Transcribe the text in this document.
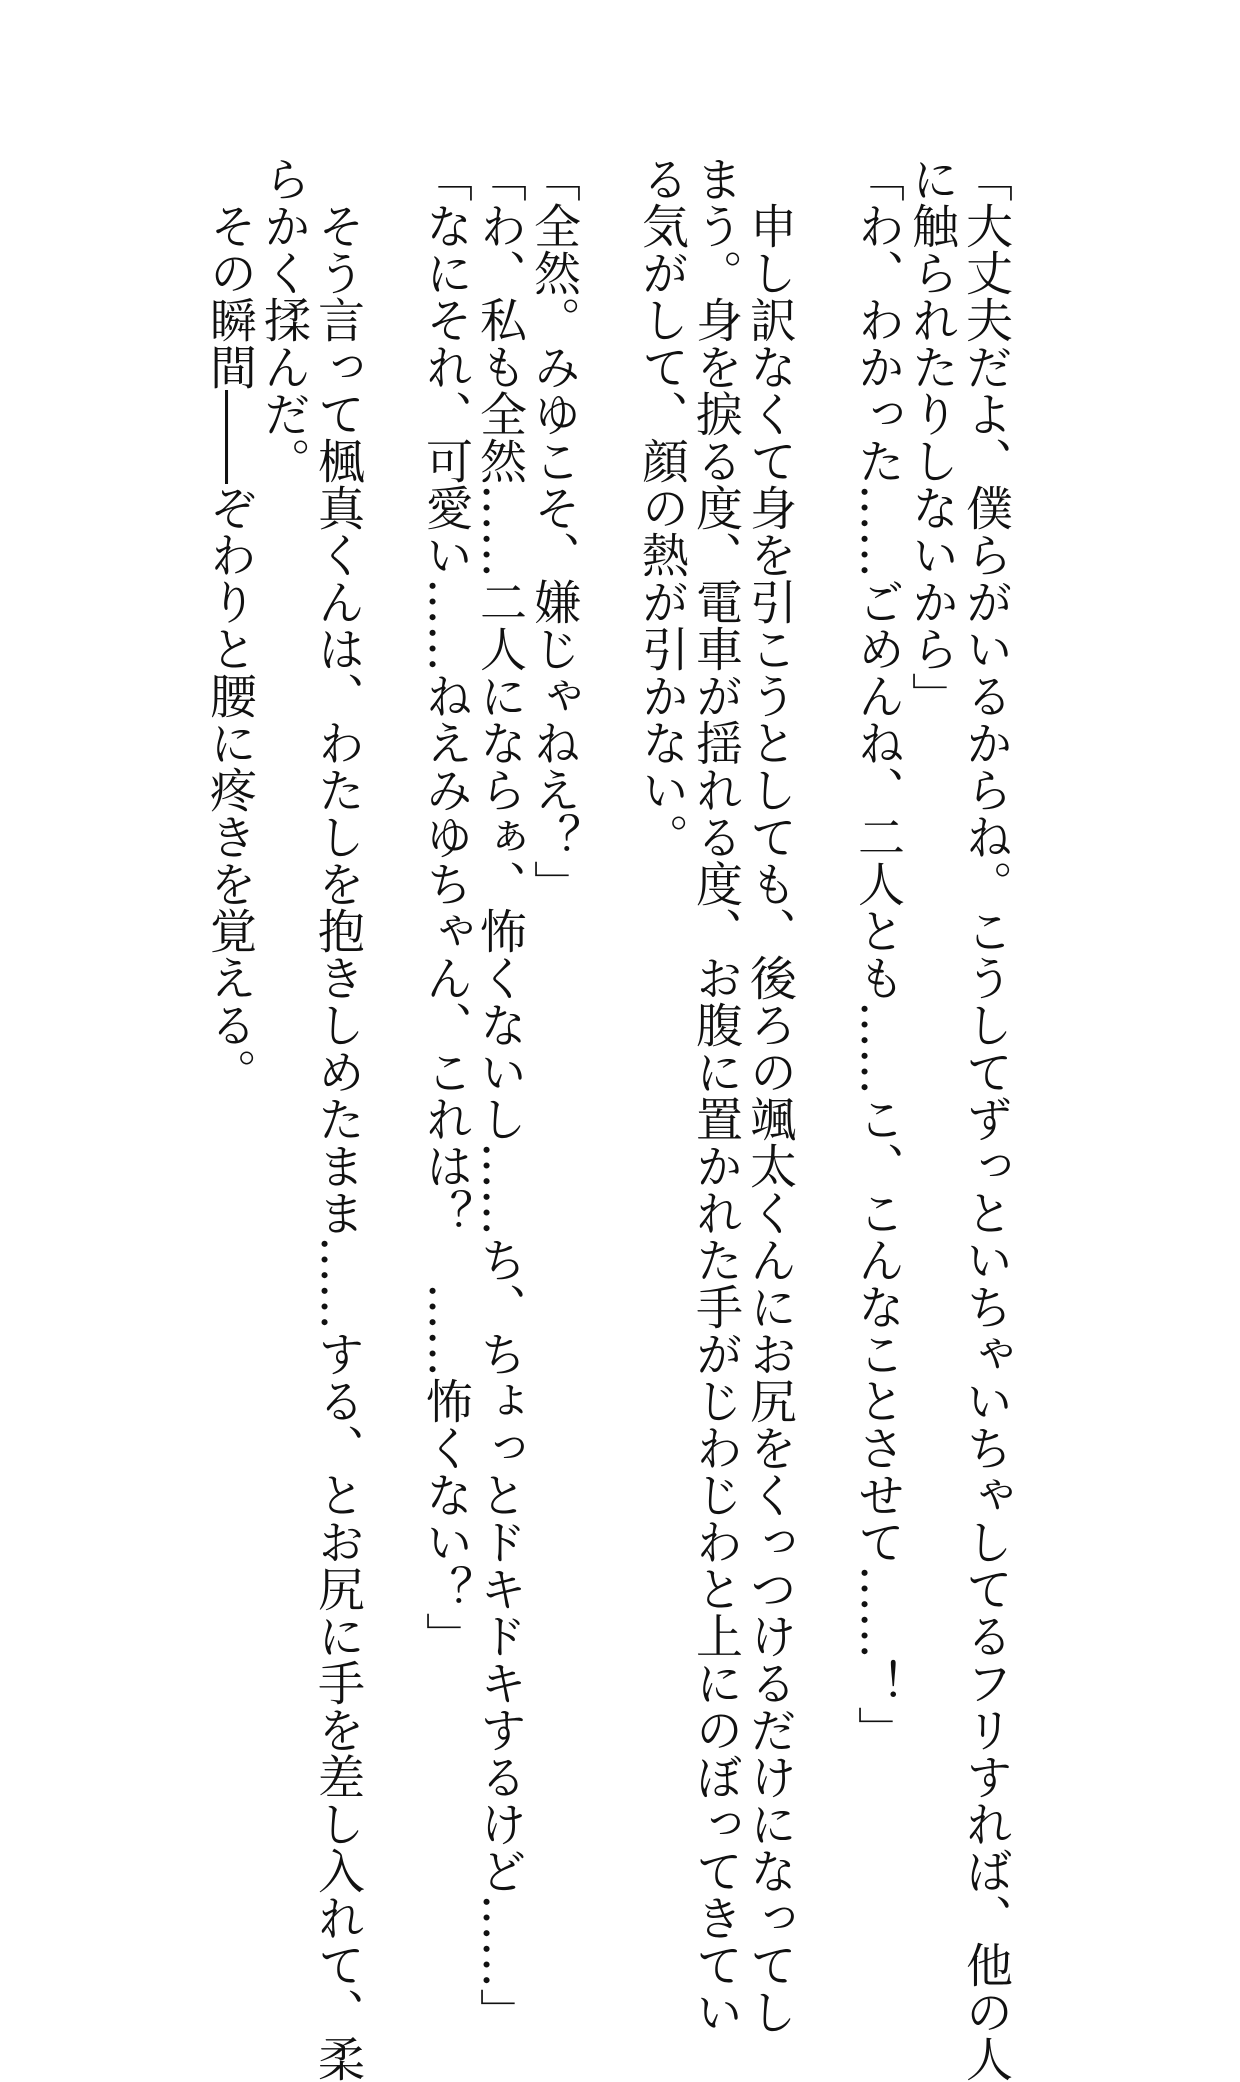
「大丈夫だよ、僕らがいるからね。こうしてずっといちゃいちゃしてるフリすれば、他の人
に触られたりしないから」
「わ、わかった……ごめんね、二人とも……こ、こんなことさせて……！」

　申し訳なくて身を引こうとしても、後ろの颯太くんにお尻をくっつけるだけになってし
まう。身を捩る度、電車が揺れる度、お腹に置かれた手がじわじわと上にのぼってきてい
る気がして、顔の熱が引かない。

「全然。みゆこそ、嫌じゃねえ？」
「わ、私も全然……二人にならぁ、怖くないし……ち、ちょっとドキドキするけど……」
「なにそれ、可愛い……ねえみゆちゃん、これは？　……怖くない？」

　そう言って楓真くんは、わたしを抱きしめたまま……する、とお尻に手を差し入れて、柔
らかく揉んだ。
　その瞬間――ぞわりと腰に疼きを覚える。
